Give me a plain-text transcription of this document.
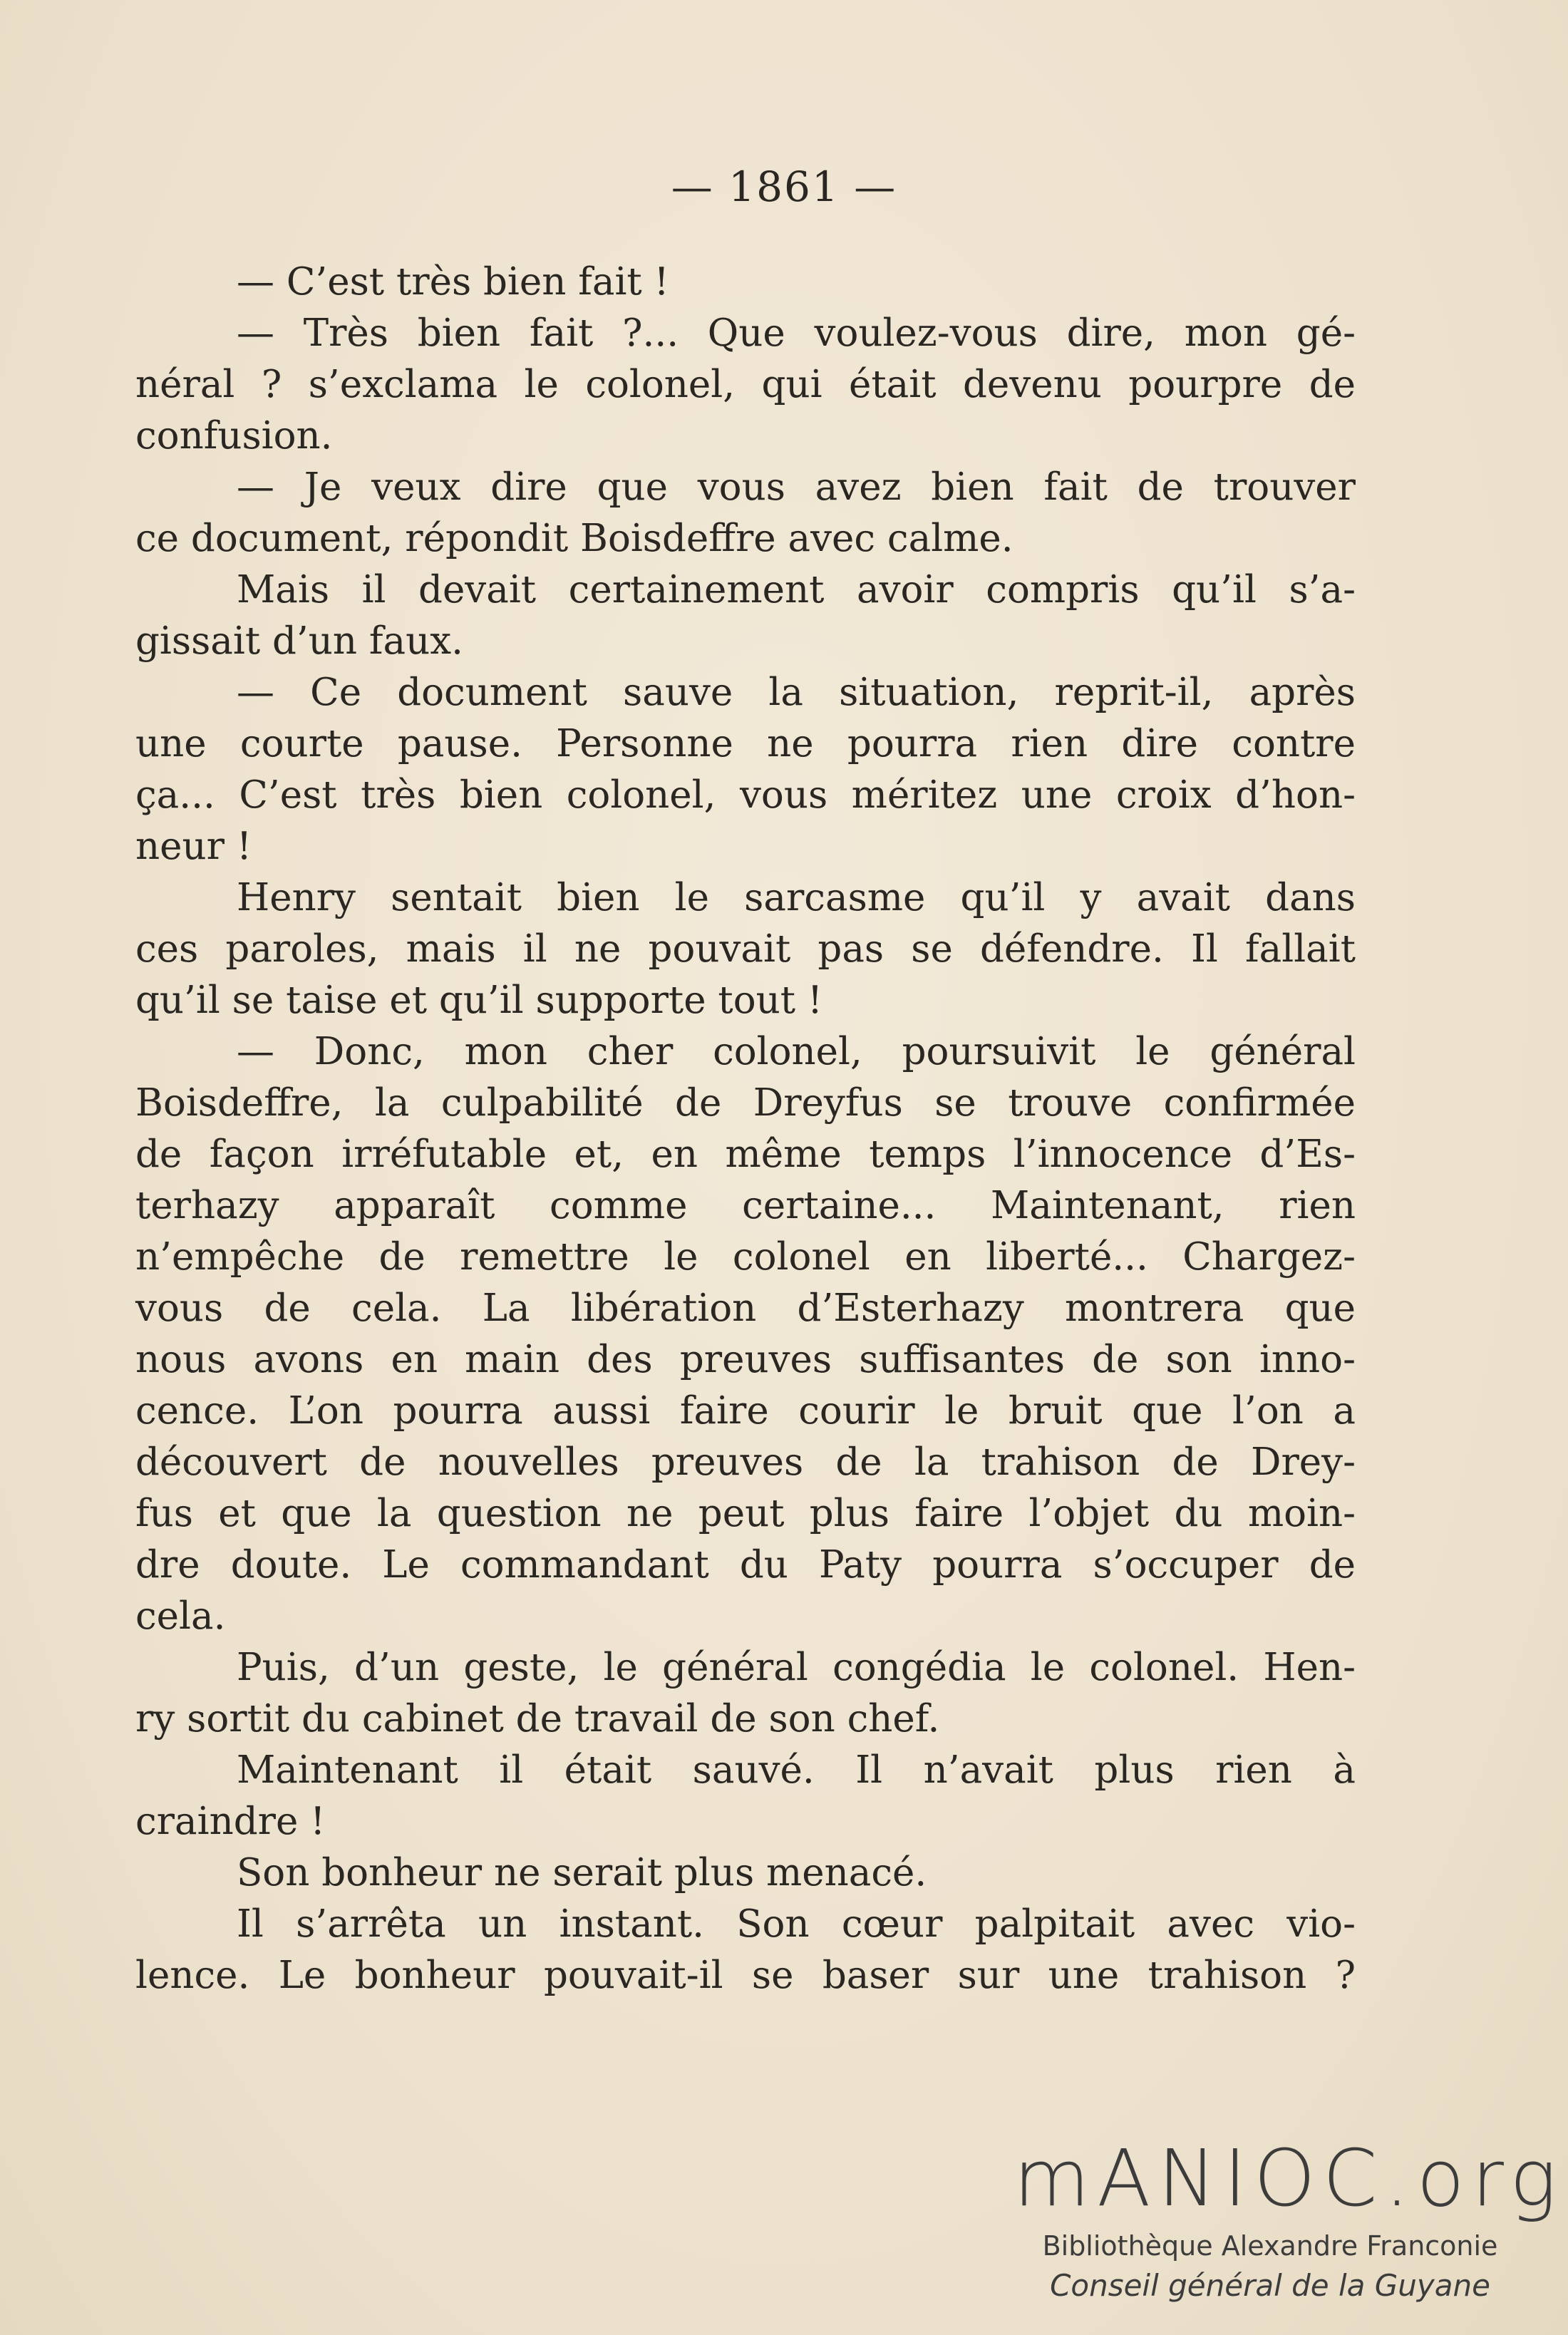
— 1861 —
— C’est très bien fait !
— Très bien fait ?... Que voulez-vous dire, mon gé-
néral ? s’exclama le colonel, qui était devenu pourpre de
confusion.
— Je veux dire que vous avez bien fait de trouver
ce document, répondit Boisdeffre avec calme.
Mais il devait certainement avoir compris qu’il s’a-
gissait d’un faux.
— Ce document sauve la situation, reprit-il, après
une courte pause. Personne ne pourra rien dire contre
ça... C’est très bien colonel, vous méritez une croix d’hon-
neur !
Henry sentait bien le sarcasme qu’il y avait dans
ces paroles, mais il ne pouvait pas se défendre. Il fallait
qu’il se taise et qu’il supporte tout !
— Donc, mon cher colonel, poursuivit le général
Boisdeffre, la culpabilité de Dreyfus se trouve confirmée
de façon irréfutable et, en même temps l’innocence d’Es-
terhazy apparaît comme certaine... Maintenant, rien
n’empêche de remettre le colonel en liberté... Chargez-
vous de cela. La libération d’Esterhazy montrera que
nous avons en main des preuves suffisantes de son inno-
cence. L’on pourra aussi faire courir le bruit que l’on a
découvert de nouvelles preuves de la trahison de Drey-
fus et que la question ne peut plus faire l’objet du moin-
dre doute. Le commandant du Paty pourra s’occuper de
cela.
Puis, d’un geste, le général congédia le colonel. Hen-
ry sortit du cabinet de travail de son chef.
Maintenant il était sauvé. Il n’avait plus rien à
craindre !
Son bonheur ne serait plus menacé.
Il s’arrêta un instant. Son cœur palpitait avec vio-
lence. Le bonheur pouvait-il se baser sur une trahison ?
mANIOC.org
Bibliothèque Alexandre Franconie
Conseil général de la Guyane
